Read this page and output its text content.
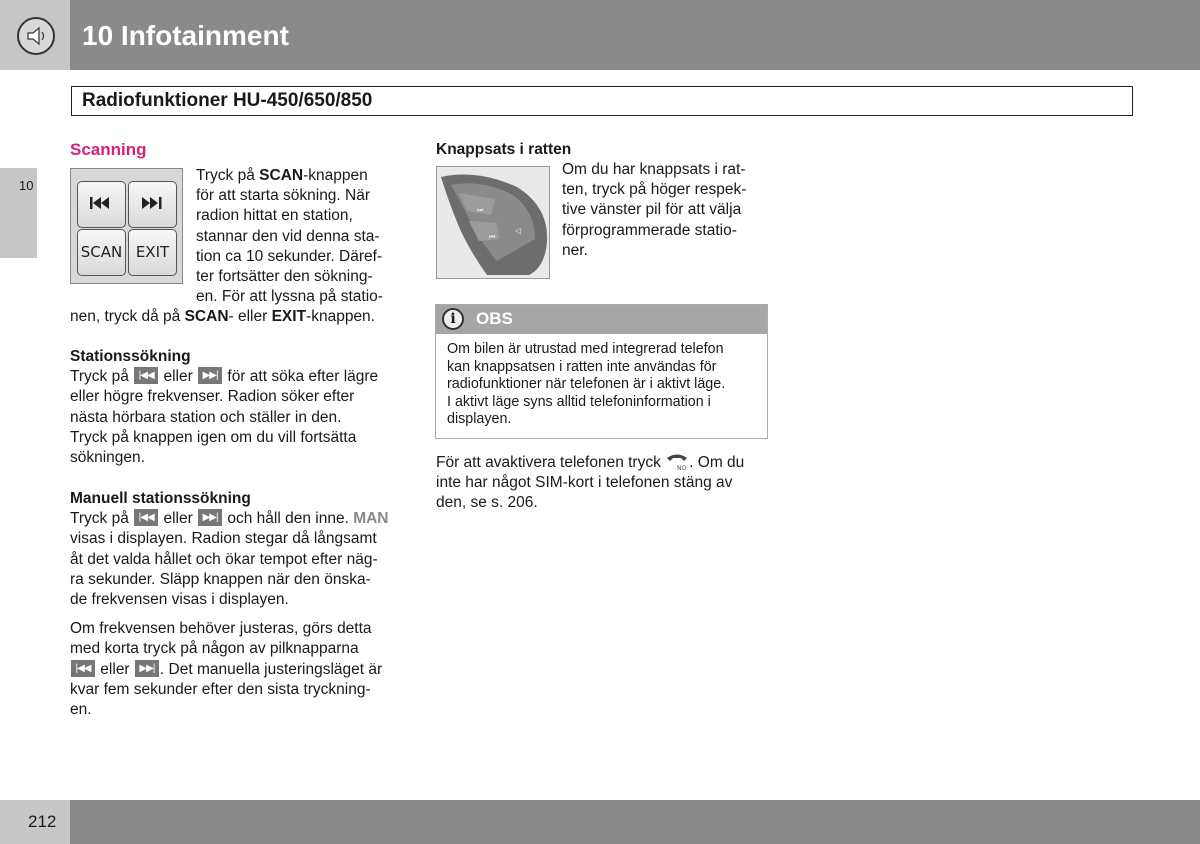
10 Infotainment
Radiofunktioner HU-450/650/850
10
Scanning
SCAN EXIT
Tryck på SCAN-knappen
för att starta sökning. När
radion hittat en station,
stannar den vid denna sta-
tion ca 10 sekunder. Däref-
ter fortsätter den sökning-
en. För att lyssna på statio-
nen, tryck då på SCAN- eller EXIT-knappen.
Stationssökning
Tryck på |◀◀ eller ▶▶| för att söka efter lägre
eller högre frekvenser. Radion söker efter
nästa hörbara station och ställer in den.
Tryck på knappen igen om du vill fortsätta
sökningen.
Manuell stationssökning
Tryck på |◀◀ eller ▶▶| och håll den inne. MAN
visas i displayen. Radion stegar då långsamt
åt det valda hållet och ökar tempot efter näg-
ra sekunder. Släpp knappen när den önska-
de frekvensen visas i displayen.
Om frekvensen behöver justeras, görs detta
med korta tryck på någon av pilknapparna
|◀◀ eller ▶▶|. Det manuella justeringsläget är
kvar fem sekunder efter den sista tryckning-
en.
Knappsats i ratten
⏭
⏮
◁
Om du har knappsats i rat-
ten, tryck på höger respek-
tive vänster pil för att välja
förprogrammerade statio-
ner.
i	OBS
Om bilen är utrustad med integrerad telefon
kan knappsatsen i ratten inte användas för
radiofunktioner när telefonen är i aktivt läge.
I aktivt läge syns alltid telefoninformation i
displayen.
För att avaktivera telefonen tryck NO . Om du
inte har något SIM-kort i telefonen stäng av
den, se s. 206.
212
